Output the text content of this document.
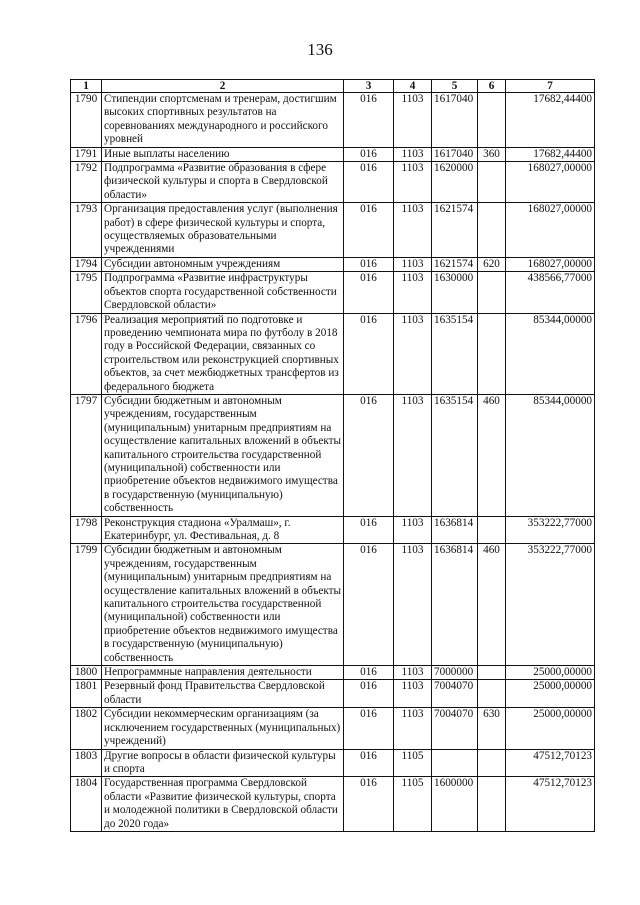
136
1	2	3	4	5	6	7
1790	Стипендии спортсменам и тренерам, достигшим высоких спортивных результатов на соревнованиях международного и российского уровней	016	1103	1617040		17682,44400
1791	Иные выплаты населению	016	1103	1617040	360	17682,44400
1792	Подпрограмма «Развитие образования в сфере физической культуры и спорта в Свердловской области»	016	1103	1620000		168027,00000
1793	Организация предоставления услуг (выполнения работ) в сфере физической культуры и спорта, осуществляемых образовательными учреждениями	016	1103	1621574		168027,00000
1794	Субсидии автономным учреждениям	016	1103	1621574	620	168027,00000
1795	Подпрограмма «Развитие инфраструктуры объектов спорта государственной собственности Свердловской области»	016	1103	1630000		438566,77000
1796	Реализация мероприятий по подготовке и проведению чемпионата мира по футболу в 2018 году в Российской Федерации, связанных со строительством или реконструкцией спортивных объектов, за счет межбюджетных трансфертов из федерального бюджета	016	1103	1635154		85344,00000
1797	Субсидии бюджетным и автономным учреждениям, государственным (муниципальным) унитарным предприятиям на осуществление капитальных вложений в объекты капитального строительства государственной (муниципальной) собственности или приобретение объектов недвижимого имущества в государственную (муниципальную) собственность	016	1103	1635154	460	85344,00000
1798	Реконструкция стадиона «Уралмаш», г. Екатеринбург, ул. Фестивальная, д. 8	016	1103	1636814		353222,77000
1799	Субсидии бюджетным и автономным учреждениям, государственным (муниципальным) унитарным предприятиям на осуществление капитальных вложений в объекты капитального строительства государственной (муниципальной) собственности или приобретение объектов недвижимого имущества в государственную (муниципальную) собственность	016	1103	1636814	460	353222,77000
1800	Непрограммные направления деятельности	016	1103	7000000		25000,00000
1801	Резервный фонд Правительства Свердловской области	016	1103	7004070		25000,00000
1802	Субсидии некоммерческим организациям (за исключением государственных (муниципальных) учреждений)	016	1103	7004070	630	25000,00000
1803	Другие вопросы в области физической культуры и спорта	016	1105			47512,70123
1804	Государственная программа Свердловской области «Развитие физической культуры, спорта и молодежной политики в Свердловской области до 2020 года»	016	1105	1600000		47512,70123
